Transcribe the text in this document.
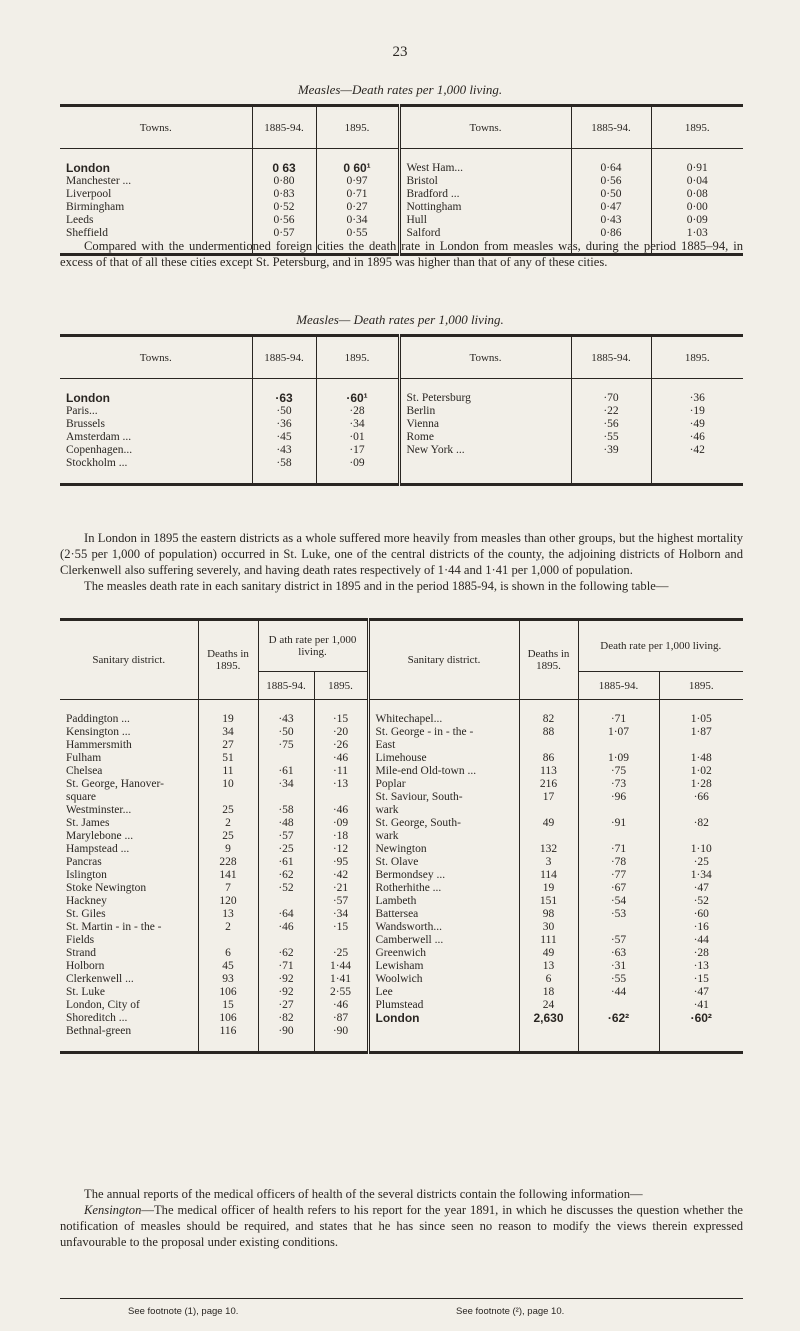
23
Measles—Death rates per 1,000 living.
Towns.	1885-94.	1895.	Towns.	1885-94.	1895.

London	0 63	0 60¹	West Ham...	0·64	0·91
Manchester ...	0·80	0·97	Bristol	0·56	0·04
Liverpool	0·83	0·71	Bradford ...	0·50	0·08
Birmingham	0·52	0·27	Nottingham	0·47	0·00
Leeds	0·56	0·34	Hull	0·43	0·09
Sheffield	0·57	0·55	Salford	0·86	1·03

Compared with the undermentioned foreign cities the death rate in London from measles was, during the period 1885–94, in excess of that of all these cities except St. Petersburg, and in 1895 was higher than that of any of these cities.

Measles— Death rates per 1,000 living.
Towns.	1885-94.	1895.	Towns.	1885-94.	1895.

London	·63	·60¹	St. Petersburg	·70	·36
Paris...	·50	·28	Berlin	·22	·19
Brussels	·36	·34	Vienna	·56	·49
Amsterdam ...	·45	·01	Rome	·55	·46
Copenhagen...	·43	·17	New York ...	·39	·42
Stockholm ...	·58	·09			

In London in 1895 the eastern districts as a whole suffered more heavily from measles than other groups, but the highest mortality (2·55 per 1,000 of population) occurred in St. Luke, one of the central districts of the county, the adjoining districts of Holborn and Clerkenwell also suffering severely, and having death rates respectively of 1·44 and 1·41 per 1,000 of population.

The measles death rate in each sanitary district in 1895 and in the period 1885-94, is shown in the following table—

Sanitary district.	Deaths in 1895.	D ath rate per 1,000 living.		Sanitary district.	Deaths in 1895.	Death rate per 1,000 living.	
		1885-94.	1895.			1885-94.	1895.

Paddington ...	19	·43	·15	Whitechapel...	82	·71	1·05
Kensington ...	34	·50	·20	St. George - in - the -	88	1·07	1·87
Hammersmith	27	·75	·26	East			
Fulham	51		·46	Limehouse	86	1·09	1·48
Chelsea	11	·61	·11	Mile-end Old-town ...	113	·75	1·02
St. George, Hanover-	10	·34	·13	Poplar	216	·73	1·28
square				St. Saviour, South-	17	·96	·66
Westminster...	25	·58	·46	wark			
St. James	2	·48	·09	St. George, South-	49	·91	·82
Marylebone ...	25	·57	·18	wark			
Hampstead ...	9	·25	·12	Newington	132	·71	1·10
Pancras	228	·61	·95	St. Olave	3	·78	·25
Islington	141	·62	·42	Bermondsey ...	114	·77	1·34
Stoke Newington	7	·52	·21	Rotherhithe ...	19	·67	·47
Hackney	120		·57	Lambeth	151	·54	·52
St. Giles	13	·64	·34	Battersea	98	·53	·60
St. Martin - in - the -	2	·46	·15	Wandsworth...	30		·16
Fields				Camberwell ...	111	·57	·44
Strand	6	·62	·25	Greenwich	49	·63	·28
Holborn	45	·71	1·44	Lewisham	13	·31	·13
Clerkenwell ...	93	·92	1·41	Woolwich	6	·55	·15
St. Luke	106	·92	2·55	Lee	18	·44	·47
London, City of	15	·27	·46	Plumstead	24		·41
Shoreditch ...	106	·82	·87	London	2,630	·62²	·60²
Bethnal-green	116	·90	·90				

The annual reports of the medical officers of health of the several districts contain the following information—

Kensington—The medical officer of health refers to his report for the year 1891, in which he discusses the question whether the notification of measles should be required, and states that he has since seen no reason to modify the views therein expressed unfavourable to the proposal under existing conditions.

See footnote (1), page 10.	See footnote (²), page 10.
